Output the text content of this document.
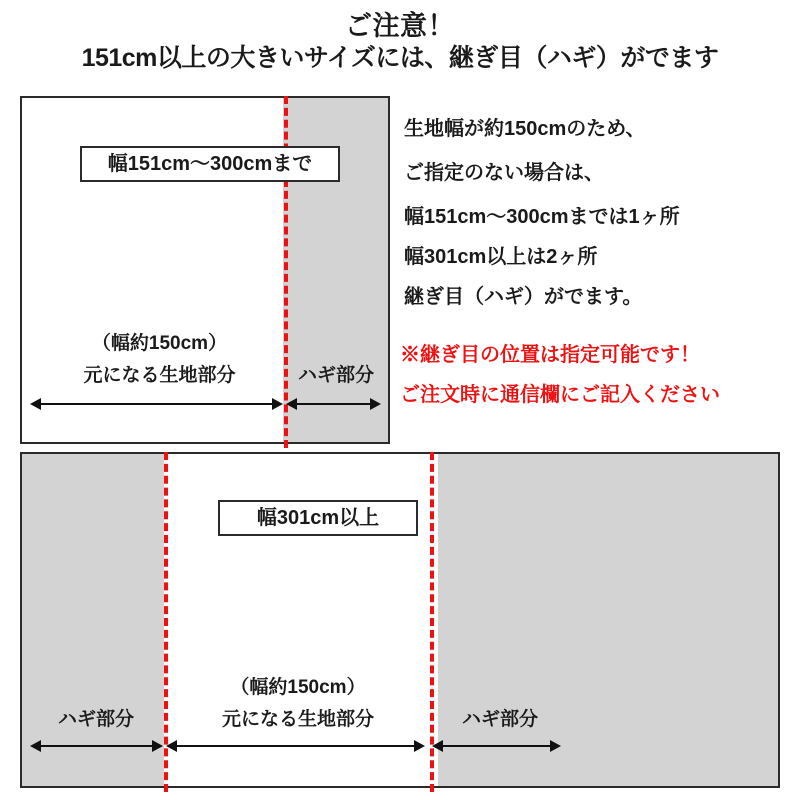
ご注意！
151cm以上の大きいサイズには、継ぎ目（ハギ）がでます
幅151cm〜300cmまで
（幅約150cm）
元になる生地部分	ハギ部分
生地幅が約150cmのため、
ご指定のない場合は、
幅151cm〜300cmまでは1ヶ所
幅301cm以上は2ヶ所
継ぎ目（ハギ）がでます。
※継ぎ目の位置は指定可能です！
ご注文時に通信欄にご記入ください
幅301cm以上
（幅約150cm）
元になる生地部分
ハギ部分	ハギ部分
